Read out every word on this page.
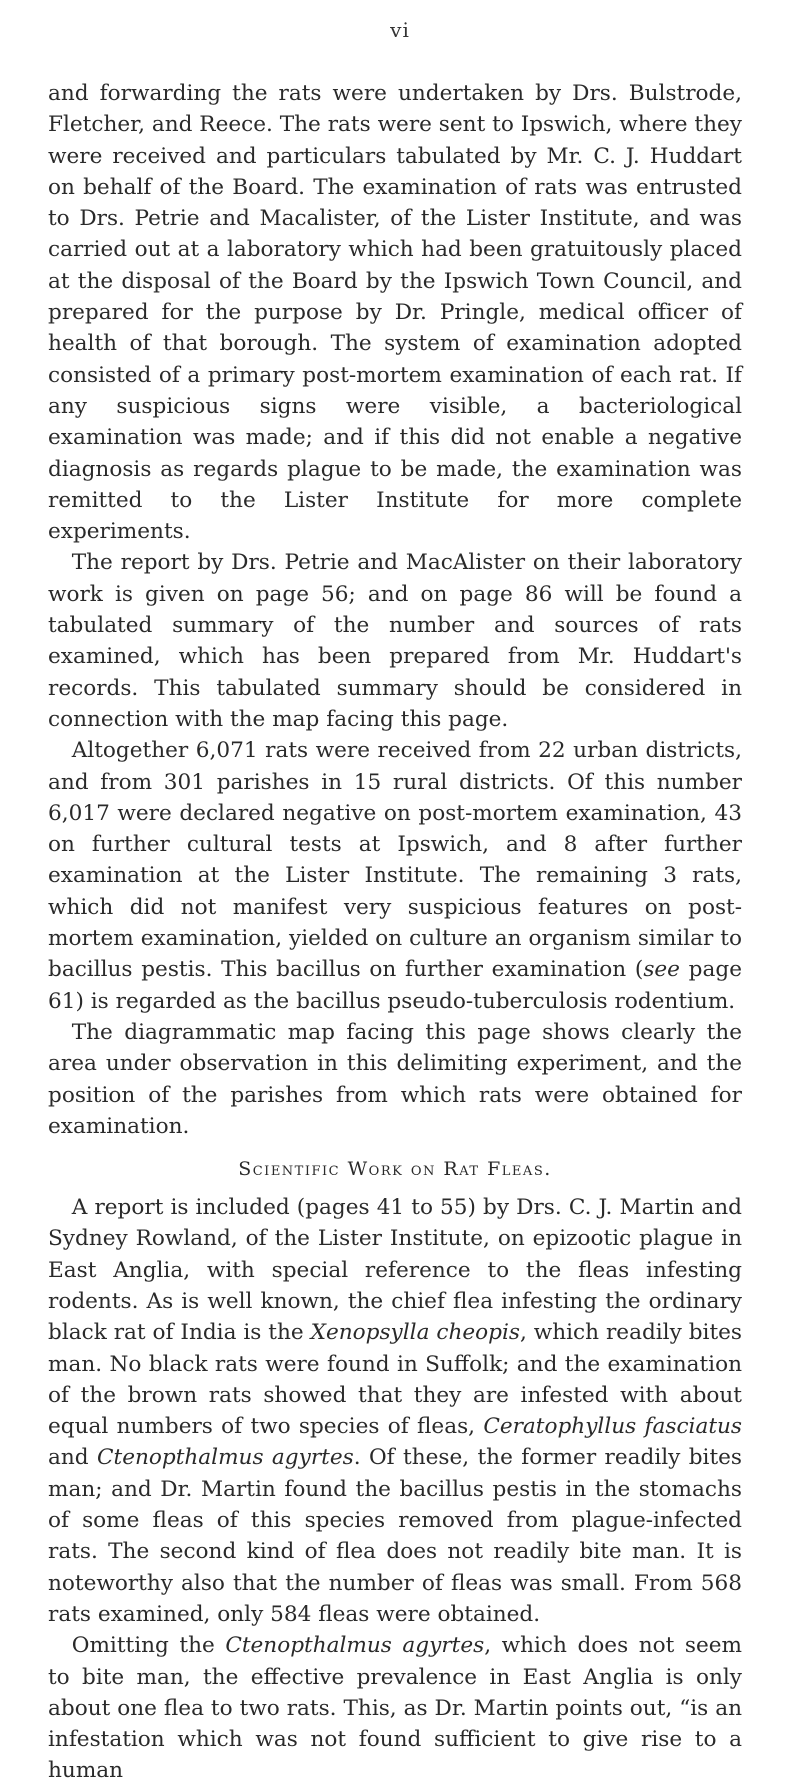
vi

and forwarding the rats were undertaken by Drs. Bulstrode, Fletcher, and Reece. The rats were sent to Ipswich, where they were received and particulars tabulated by Mr. C. J. Huddart on behalf of the Board. The examination of rats was entrusted to Drs. Petrie and Macalister, of the Lister Institute, and was carried out at a laboratory which had been gratuitously placed at the disposal of the Board by the Ipswich Town Council, and prepared for the purpose by Dr. Pringle, medical officer of health of that borough. The system of examination adopted consisted of a primary post-mortem examination of each rat. If any suspicious signs were visible, a bacteriological examination was made; and if this did not enable a negative diagnosis as regards plague to be made, the examination was remitted to the Lister Institute for more complete experiments.

The report by Drs. Petrie and MacAlister on their laboratory work is given on page 56; and on page 86 will be found a tabulated summary of the number and sources of rats examined, which has been prepared from Mr. Huddart's records. This tabulated summary should be considered in connection with the map facing this page.

Altogether 6,071 rats were received from 22 urban districts, and from 301 parishes in 15 rural districts. Of this number 6,017 were declared negative on post-mortem examination, 43 on further cultural tests at Ipswich, and 8 after further examination at the Lister Institute. The remaining 3 rats, which did not manifest very suspicious features on post-mortem examination, yielded on culture an organism similar to bacillus pestis. This bacillus on further examination (see page 61) is regarded as the bacillus pseudo-tuberculosis rodentium.

The diagrammatic map facing this page shows clearly the area under observation in this delimiting experiment, and the position of the parishes from which rats were obtained for examination.

Scientific Work on Rat Fleas.

A report is included (pages 41 to 55) by Drs. C. J. Martin and Sydney Rowland, of the Lister Institute, on epizootic plague in East Anglia, with special reference to the fleas infesting rodents. As is well known, the chief flea infesting the ordinary black rat of India is the Xenopsylla cheopis, which readily bites man. No black rats were found in Suffolk; and the examination of the brown rats showed that they are infested with about equal numbers of two species of fleas, Ceratophyllus fasciatus and Ctenopthalmus agyrtes. Of these, the former readily bites man; and Dr. Martin found the bacillus pestis in the stomachs of some fleas of this species removed from plague-infected rats. The second kind of flea does not readily bite man. It is noteworthy also that the number of fleas was small. From 568 rats examined, only 584 fleas were obtained.

Omitting the Ctenopthalmus agyrtes, which does not seem to bite man, the effective prevalence in East Anglia is only about one flea to two rats. This, as Dr. Martin points out, “is an infestation which was not found sufficient to give rise to a human
